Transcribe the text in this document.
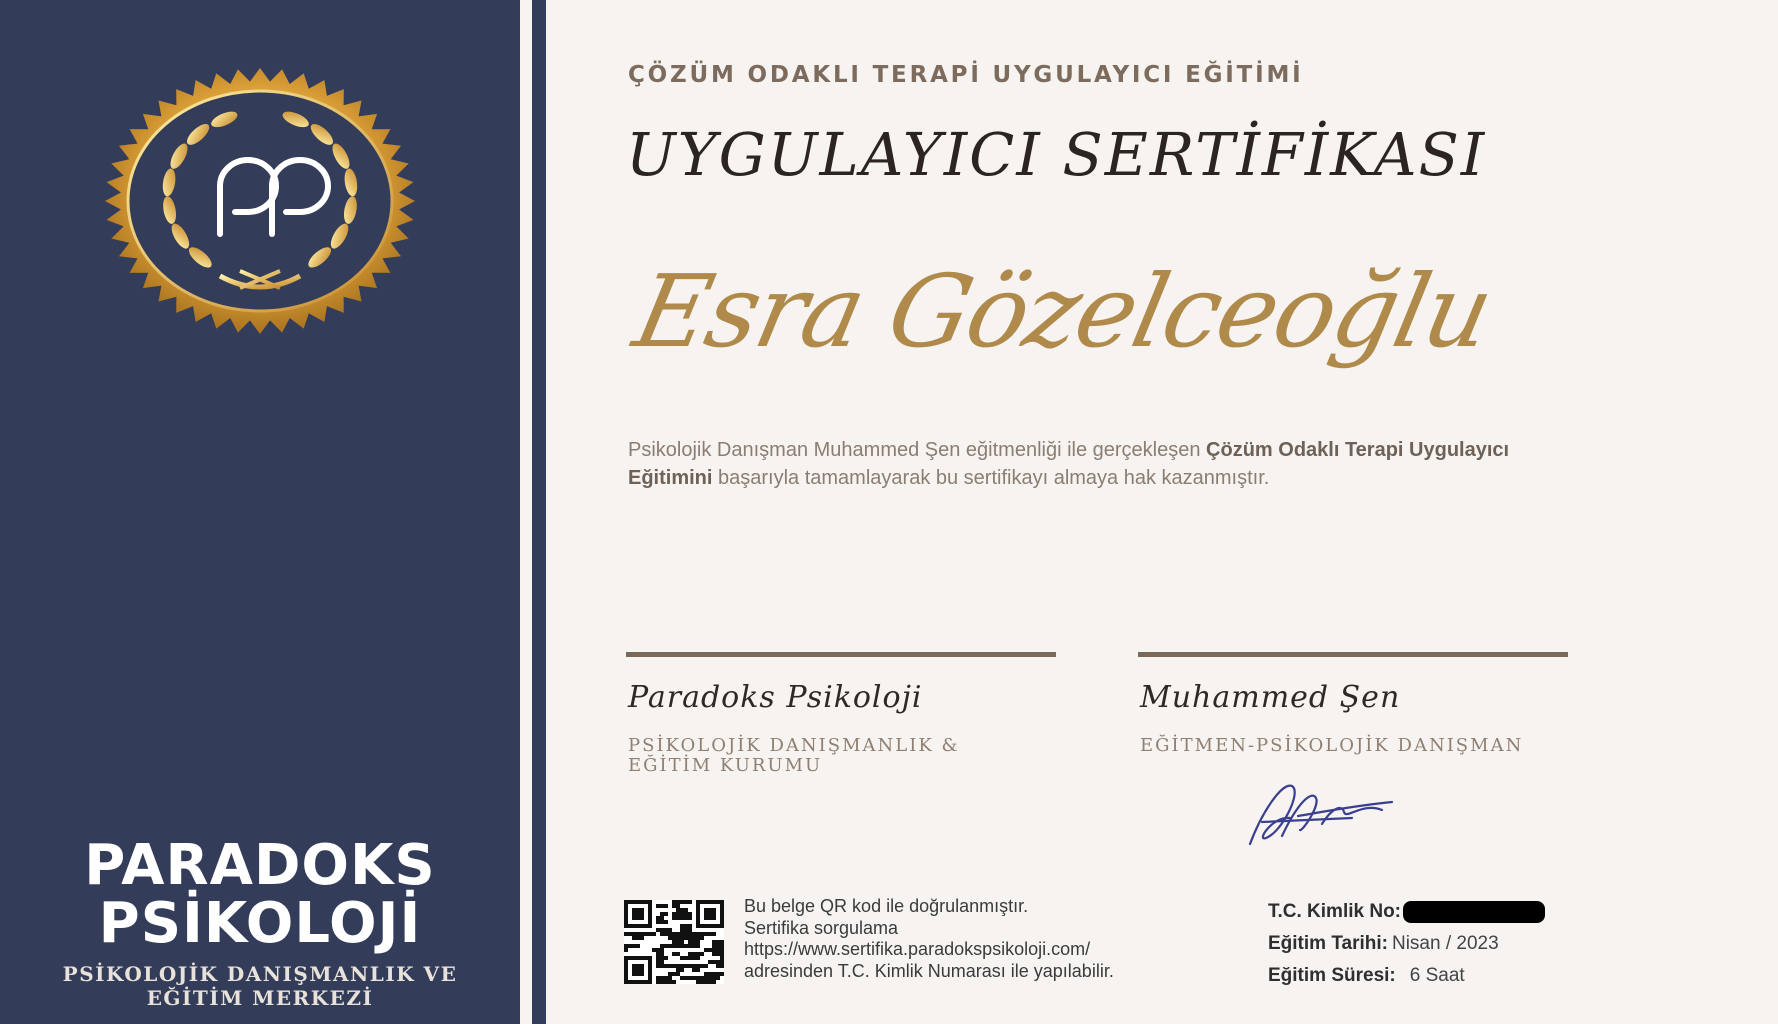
PARADOKS
PSİKOLOJİ
PSİKOLOJİK DANIŞMANLIK VE
EĞİTİM MERKEZİ
ÇÖZÜM ODAKLI TERAPİ UYGULAYICI EĞİTİMİ
UYGULAYICI SERTİFİKASI
Esra Gözelceoğlu
Psikolojik Danışman Muhammed Şen eğitmenliği ile gerçekleşen Çözüm Odaklı Terapi Uygulayıcı Eğitimini başarıyla tamamlayarak bu sertifikayı almaya hak kazanmıştır.
Paradoks Psikoloji
PSİKOLOJİK DANIŞMANLIK &
EĞİTİM KURUMU
Muhammed Şen
EĞİTMEN-PSİKOLOJİK DANIŞMAN
Bu belge QR kod ile doğrulanmıştır.
Sertifika sorgulama
https://www.sertifika.paradokspsikoloji.com/
adresinden T.C. Kimlik Numarası ile yapılabilir.
T.C. Kimlik No:
Eğitim Tarihi: Nisan / 2023
Eğitim Süresi: 6 Saat
